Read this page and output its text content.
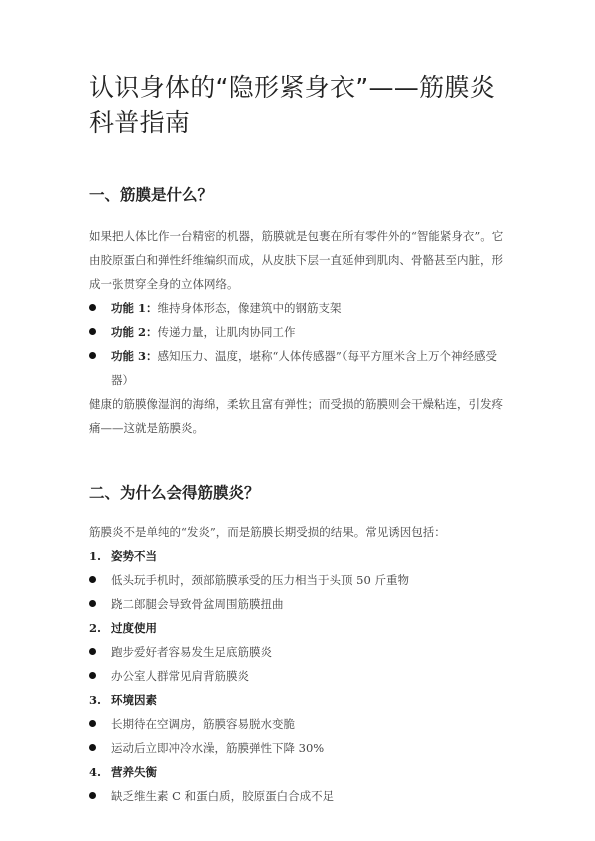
认识身体的“隐形紧身衣”——筋膜炎科普指南
一、筋膜是什么？

如果把人体比作一台精密的机器，筋膜就是包裹在所有零件外的“智能紧身衣”。它由胶原蛋白和弹性纤维编织而成，从皮肤下层一直延伸到肌肉、骨骼甚至内脏，形成一张贯穿全身的立体网络。

功能 1：维持身体形态，像建筑中的钢筋支架
功能 2：传递力量，让肌肉协同工作
功能 3：感知压力、温度，堪称“人体传感器”（每平方厘米含上万个神经感受器）

健康的筋膜像湿润的海绵，柔软且富有弹性；而受损的筋膜则会干燥粘连，引发疼痛——这就是筋膜炎。

二、为什么会得筋膜炎？

筋膜炎不是单纯的“发炎”，而是筋膜长期受损的结果。常见诱因包括：

1. 姿势不当
低头玩手机时，颈部筋膜承受的压力相当于头顶 50 斤重物
跷二郎腿会导致骨盆周围筋膜扭曲
2. 过度使用
跑步爱好者容易发生足底筋膜炎
办公室人群常见肩背筋膜炎
3. 环境因素
长期待在空调房，筋膜容易脱水变脆
运动后立即冲冷水澡，筋膜弹性下降 30%
4. 营养失衡
缺乏维生素 C 和蛋白质，胶原蛋白合成不足
